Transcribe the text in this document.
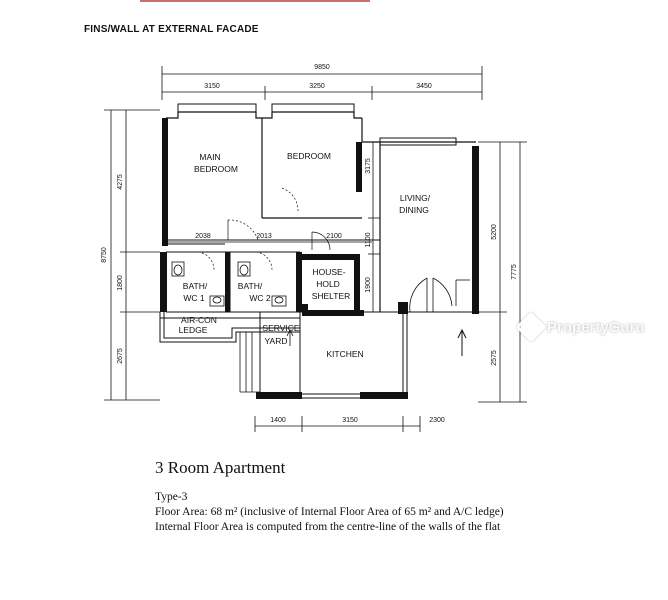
FINS/WALL AT EXTERNAL FACADE
MAIN
BEDROOM
BEDROOM
LIVING/
DINING
BATH/
WC 1
BATH/
WC 2
HOUSE-
HOLD
SHELTER
AIR-CON
LEDGE	SERVICE
YARD
KITCHEN
9850
3150	3250	3450
1400	3150	2300
2038	2013	2100
8750
4275
1800
2675
5200
2575
7775
3175
1100
1900
PropertyGuru
3 Room Apartment
Type-3
Floor Area: 68 m² (inclusive of Internal Floor Area of 65 m² and A/C ledge)
Internal Floor Area is computed from the centre-line of the walls of the flat
